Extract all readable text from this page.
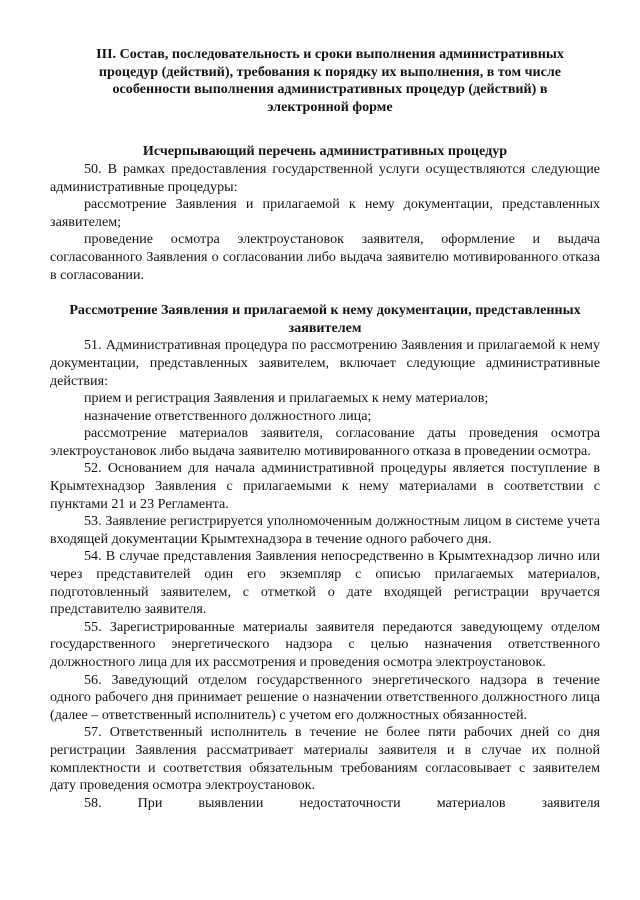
III. Состав, последовательность и сроки выполнения административных процедур (действий), требования к порядку их выполнения, в том числе особенности выполнения административных процедур (действий) в электронной форме

Исчерпывающий перечень административных процедур

50. В рамках предоставления государственной услуги осуществляются следующие административные процедуры:

рассмотрение Заявления и прилагаемой к нему документации, представленных заявителем;

проведение осмотра электроустановок заявителя, оформление и выдача согласованного Заявления о согласовании либо выдача заявителю мотивированного отказа в согласовании.

Рассмотрение Заявления и прилагаемой к нему документации, представленных заявителем

51. Административная процедура по рассмотрению Заявления и прилагаемой к нему документации, представленных заявителем, включает следующие административные действия:

прием и регистрация Заявления и прилагаемых к нему материалов;

назначение ответственного должностного лица;

рассмотрение материалов заявителя, согласование даты проведения осмотра электроустановок либо выдача заявителю мотивированного отказа в проведении осмотра.

52. Основанием для начала административной процедуры является поступление в Крымтехнадзор Заявления с прилагаемыми к нему материалами в соответствии с пунктами 21 и 23 Регламента.

53. Заявление регистрируется уполномоченным должностным лицом в системе учета входящей документации Крымтехнадзора в течение одного рабочего дня.

54. В случае представления Заявления непосредственно в Крымтехнадзор лично или через представителей один его экземпляр с описью прилагаемых материалов, подготовленный заявителем, с отметкой о дате входящей регистрации вручается представителю заявителя.

55. Зарегистрированные материалы заявителя передаются заведующему отделом государственного энергетического надзора с целью назначения ответственного должностного лица для их рассмотрения и проведения осмотра электроустановок.

56. Заведующий отделом государственного энергетического надзора в течение одного рабочего дня принимает решение о назначении ответственного должностного лица (далее – ответственный исполнитель) с учетом его должностных обязанностей.

57. Ответственный исполнитель в течение не более пяти рабочих дней со дня регистрации Заявления рассматривает материалы заявителя и в случае их полной комплектности и соответствия обязательным требованиям согласовывает с заявителем дату проведения осмотра электроустановок.

58. При выявлении недостаточности материалов заявителя
